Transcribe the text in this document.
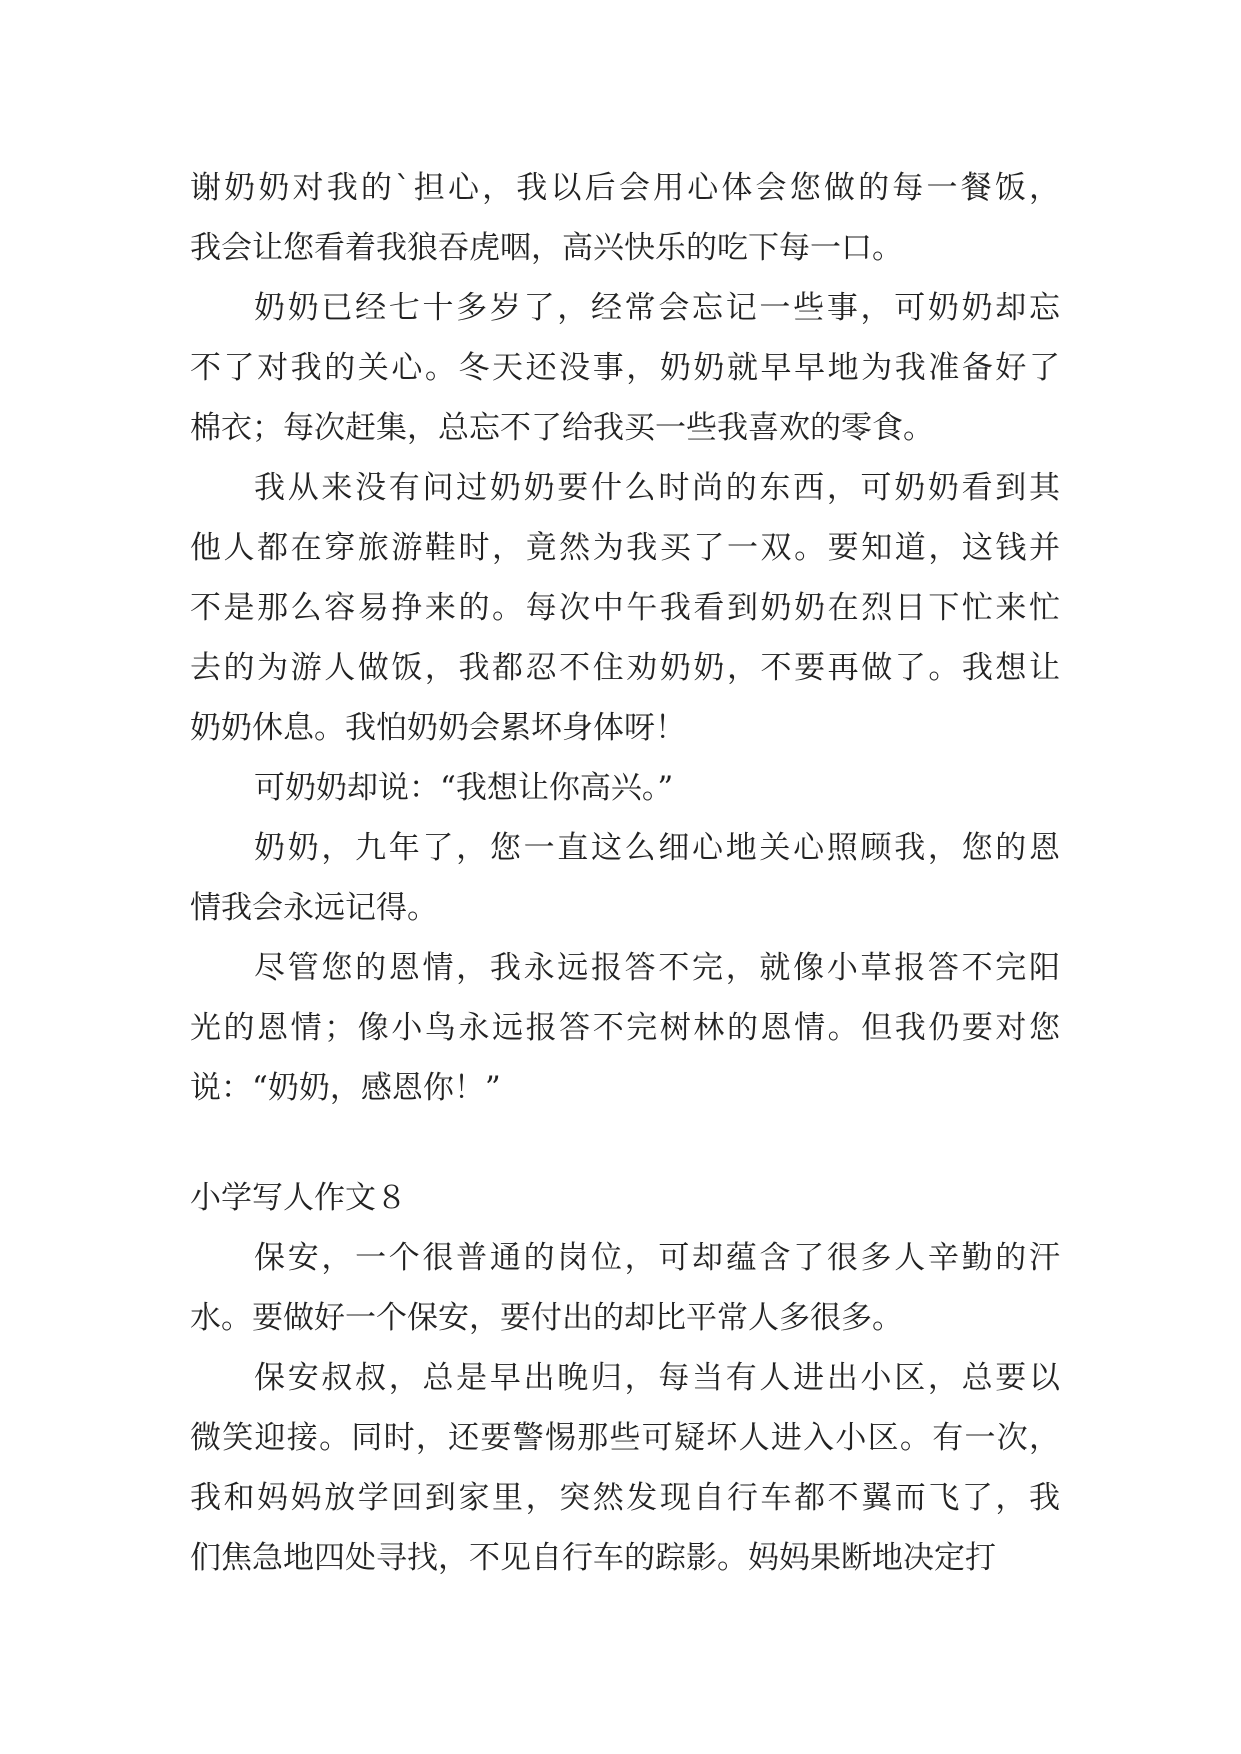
谢奶奶对我的`担心，我以后会用心体会您做的每一餐饭，
我会让您看着我狼吞虎咽，高兴快乐的吃下每一口。
奶奶已经七十多岁了，经常会忘记一些事，可奶奶却忘
不了对我的关心。冬天还没事，奶奶就早早地为我准备好了
棉衣；每次赶集，总忘不了给我买一些我喜欢的零食。
我从来没有问过奶奶要什么时尚的东西，可奶奶看到其
他人都在穿旅游鞋时，竟然为我买了一双。要知道，这钱并
不是那么容易挣来的。每次中午我看到奶奶在烈日下忙来忙
去的为游人做饭，我都忍不住劝奶奶，不要再做了。我想让
奶奶休息。我怕奶奶会累坏身体呀！
可奶奶却说：“我想让你高兴。”
奶奶，九年了，您一直这么细心地关心照顾我，您的恩
情我会永远记得。
尽管您的恩情，我永远报答不完，就像小草报答不完阳
光的恩情；像小鸟永远报答不完树林的恩情。但我仍要对您
说：“奶奶，感恩你！”
小学写人作文８
保安，一个很普通的岗位，可却蕴含了很多人辛勤的汗
水。要做好一个保安，要付出的却比平常人多很多。
保安叔叔，总是早出晚归，每当有人进出小区，总要以
微笑迎接。同时，还要警惕那些可疑坏人进入小区。有一次，
我和妈妈放学回到家里，突然发现自行车都不翼而飞了，我
们焦急地四处寻找，不见自行车的踪影。妈妈果断地决定打
